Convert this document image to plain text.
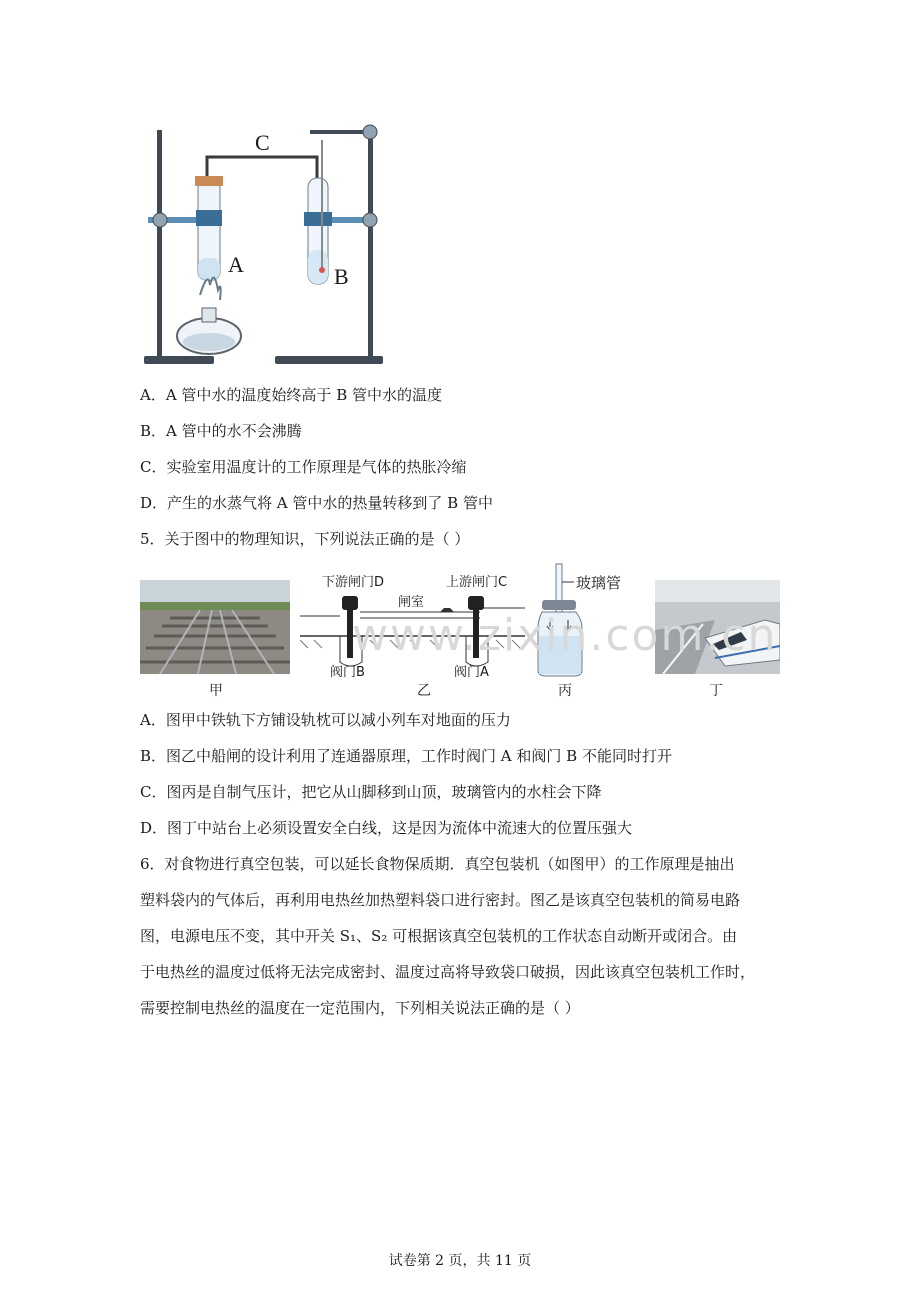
C
A	B
A．A 管中水的温度始终高于 B 管中水的温度
B．A 管中的水不会沸腾
C．实验室用温度计的工作原理是气体的热胀冷缩
D．产生的水蒸气将 A 管中水的热量转移到了 B 管中
5．关于图中的物理知识，下列说法正确的是（ ）
下游闸门D	上游闸门C
闸室
阀门B	阀门A
玻璃管
www.zixin.com.cn
甲	乙	丙	丁
A．图甲中铁轨下方铺设轨枕可以减小列车对地面的压力
B．图乙中船闸的设计利用了连通器原理，工作时阀门 A 和阀门 B 不能同时打开
C．图丙是自制气压计，把它从山脚移到山顶，玻璃管内的水柱会下降
D．图丁中站台上必须设置安全白线，这是因为流体中流速大的位置压强大
6．对食物进行真空包装，可以延长食物保质期．真空包装机（如图甲）的工作原理是抽出
塑料袋内的气体后，再利用电热丝加热塑料袋口进行密封。图乙是该真空包装机的简易电路
图，电源电压不变，其中开关 S₁、S₂ 可根据该真空包装机的工作状态自动断开或闭合。由
于电热丝的温度过低将无法完成密封、温度过高将导致袋口破损，因此该真空包装机工作时，
需要控制电热丝的温度在一定范围内，下列相关说法正确的是（ ）
试卷第 2 页，共 11 页
